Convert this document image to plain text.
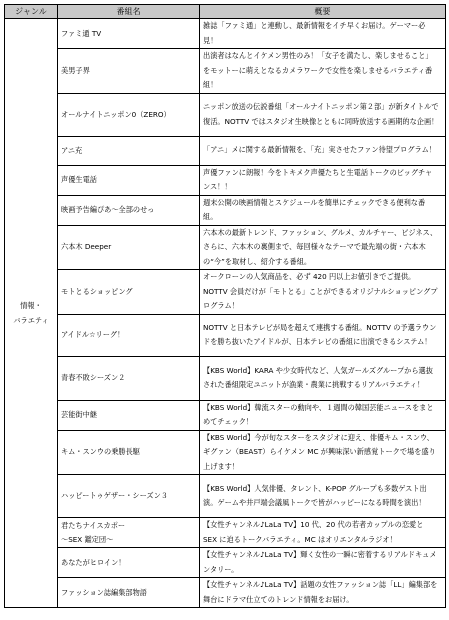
ジャンル	番組名	概要
情報・
バラエティ	ファミ通 TV	雑誌「ファミ通」と連動し、最新情報をイチ早くお届け。ゲーマー必見！
	美男子界	出演者はなんとイケメン男性のみ！「女子を満たし、楽しませること」をモットーに萌えとなるカメラワークで女性を楽しませるバラエティ番組！
	オールナイトニッポン0（ZERO）	ニッポン放送の伝説番組「オールナイトニッポン第２部」が新タイトルで復活。NOTTV ではスタジオ生映像とともに同時放送する画期的な企画！
	アニ充	「アニ」メに関する最新情報を、「充」実させたファン待望プログラム！
	声優生電話	声優ファンに朗報！今をトキメク声優たちと生電話トークのビッグチャンス！！
	映画予告編ぴあ～全部のせっ	週末公開の映画情報とスケジュールを簡単にチェックできる便利な番組。
	六本木 Deeper	六本木の最新トレンド、ファッション、グルメ、カルチャー、ビジネス、さらに、六本木の裏側まで、毎回様々なテーマで最先端の街・六本木の“今”を取材し、紹介する番組。
	モトとるショッピング	オークローンの人気商品を、必ず 420 円以上お値引きでご提供。NOTTV 会員だけが「モトとる」ことができるオリジナルショッピングプログラム！
	アイドル☆リーグ！	NOTTV と日本テレビが局を超えて連携する番組。NOTTV の予選ラウンドを勝ち抜いたアイドルが、日本テレビの番組に出演できるシステム！
	青春不敗シーズン２	【KBS World】KARA や少女時代など、人気ガールズグループから選抜された番組限定ユニットが漁業・農業に挑戦するリアルバラエティ！
	芸能街中継	【KBS World】韓流スターの動向や、１週間の韓国芸能ニュースをまとめてチェック！
	キム・スンウの乗勝長駆	【KBS World】今が旬なスターをスタジオに迎え、俳優キム・スンウ、ギグァン（BEAST）らイケメン MC が興味深い新感覚トークで場を盛り上げます！
	ハッピートゥゲザー・シーズン３	【KBS World】人気俳優、タレント、K-POP グループも多数ゲスト出演。ゲームや井戸端会議風トークで皆がハッピーになる時間を演出！
	君たちナイスカポー
～SEX 鑑定団～	【女性チャンネル♪LaLa TV】10 代、20 代の若者カップルの恋愛と SEX に迫るトークバラエティ。MC はオリエンタルラジオ！
	あなたがヒロイン！	【女性チャンネル♪LaLa TV】輝く女性の一瞬に密着するリアルドキュメンタリー。
	ファッション誌編集部物語	【女性チャンネル♪LaLa TV】話題の女性ファッション誌「LL」編集部を舞台にドラマ仕立てのトレンド情報をお届け。
